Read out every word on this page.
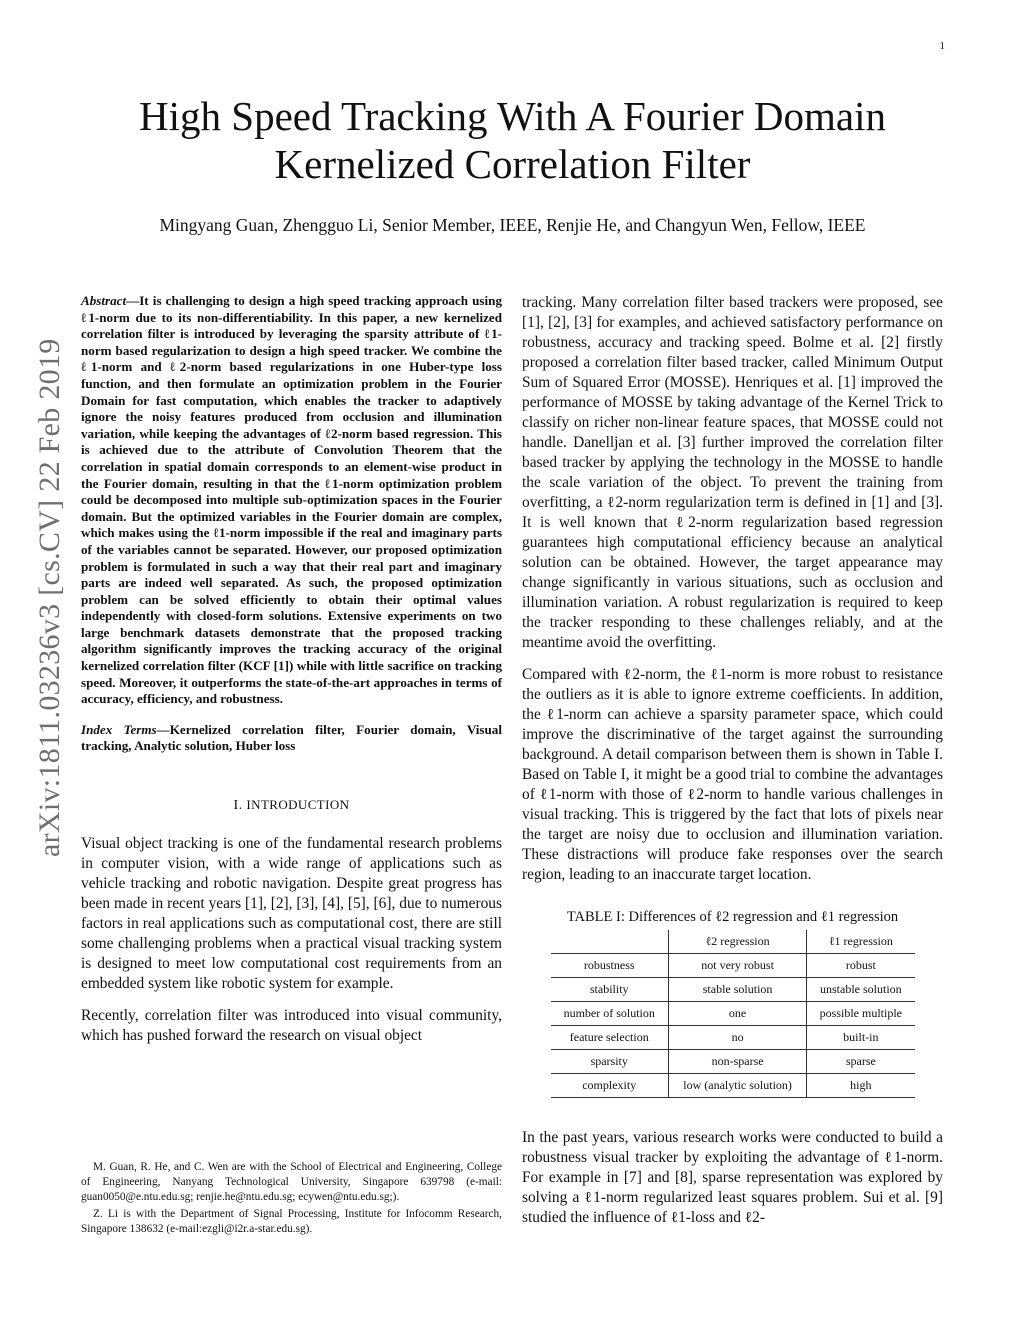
1
arXiv:1811.03236v3 [cs.CV] 22 Feb 2019
High Speed Tracking With A Fourier Domain Kernelized Correlation Filter
Mingyang Guan, Zhengguo Li, Senior Member, IEEE, Renjie He, and Changyun Wen, Fellow, IEEE
Abstract—It is challenging to design a high speed tracking approach using ℓ1-norm due to its non-differentiability. In this paper, a new kernelized correlation filter is introduced by leveraging the sparsity attribute of ℓ1-norm based regularization to design a high speed tracker. We combine the ℓ1-norm and ℓ2-norm based regularizations in one Huber-type loss function, and then formulate an optimization problem in the Fourier Domain for fast computation, which enables the tracker to adaptively ignore the noisy features produced from occlusion and illumination variation, while keeping the advantages of ℓ2-norm based regression. This is achieved due to the attribute of Convolution Theorem that the correlation in spatial domain corresponds to an element-wise product in the Fourier domain, resulting in that the ℓ1-norm optimization problem could be decomposed into multiple sub-optimization spaces in the Fourier domain. But the optimized variables in the Fourier domain are complex, which makes using the ℓ1-norm impossible if the real and imaginary parts of the variables cannot be separated. However, our proposed optimization problem is formulated in such a way that their real part and imaginary parts are indeed well separated. As such, the proposed optimization problem can be solved efficiently to obtain their optimal values independently with closed-form solutions. Extensive experiments on two large benchmark datasets demonstrate that the proposed tracking algorithm significantly improves the tracking accuracy of the original kernelized correlation filter (KCF [1]) while with little sacrifice on tracking speed. Moreover, it outperforms the state-of-the-art approaches in terms of accuracy, efficiency, and robustness.
Index Terms—Kernelized correlation filter, Fourier domain, Visual tracking, Analytic solution, Huber loss
I. INTRODUCTION

Visual object tracking is one of the fundamental research problems in computer vision, with a wide range of applications such as vehicle tracking and robotic navigation. Despite great progress has been made in recent years [1], [2], [3], [4], [5], [6], due to numerous factors in real applications such as computational cost, there are still some challenging problems when a practical visual tracking system is designed to meet low computational cost requirements from an embedded system like robotic system for example.

Recently, correlation filter was introduced into visual community, which has pushed forward the research on visual object

M. Guan, R. He, and C. Wen are with the School of Electrical and Engineering, College of Engineering, Nanyang Technological University, Singapore 639798 (e-mail: guan0050@e.ntu.edu.sg; renjie.he@ntu.edu.sg; ecywen@ntu.edu.sg;).

Z. Li is with the Department of Signal Processing, Institute for Infocomm Research, Singapore 138632 (e-mail:ezgli@i2r.a-star.edu.sg).

tracking. Many correlation filter based trackers were proposed, see [1], [2], [3] for examples, and achieved satisfactory performance on robustness, accuracy and tracking speed. Bolme et al. [2] firstly proposed a correlation filter based tracker, called Minimum Output Sum of Squared Error (MOSSE). Henriques et al. [1] improved the performance of MOSSE by taking advantage of the Kernel Trick to classify on richer non-linear feature spaces, that MOSSE could not handle. Danelljan et al. [3] further improved the correlation filter based tracker by applying the technology in the MOSSE to handle the scale variation of the object. To prevent the training from overfitting, a ℓ2-norm regularization term is defined in [1] and [3]. It is well known that ℓ2-norm regularization based regression guarantees high computational efficiency because an analytical solution can be obtained. However, the target appearance may change significantly in various situations, such as occlusion and illumination variation. A robust regularization is required to keep the tracker responding to these challenges reliably, and at the meantime avoid the overfitting.

Compared with ℓ2-norm, the ℓ1-norm is more robust to resistance the outliers as it is able to ignore extreme coefficients. In addition, the ℓ1-norm can achieve a sparsity parameter space, which could improve the discriminative of the target against the surrounding background. A detail comparison between them is shown in Table I. Based on Table I, it might be a good trial to combine the advantages of ℓ1-norm with those of ℓ2-norm to handle various challenges in visual tracking. This is triggered by the fact that lots of pixels near the target are noisy due to occlusion and illumination variation. These distractions will produce fake responses over the search region, leading to an inaccurate target location.

TABLE I: Differences of ℓ2 regression and ℓ1 regression
	ℓ2 regression	ℓ1 regression
robustness	not very robust	robust
stability	stable solution	unstable solution
number of solution	one	possible multiple
feature selection	no	built-in
sparsity	non-sparse	sparse
complexity	low (analytic solution)	high

In the past years, various research works were conducted to build a robustness visual tracker by exploiting the advantage of ℓ1-norm. For example in [7] and [8], sparse representation was explored by solving a ℓ1-norm regularized least squares problem. Sui et al. [9] studied the influence of ℓ1-loss and ℓ2-
